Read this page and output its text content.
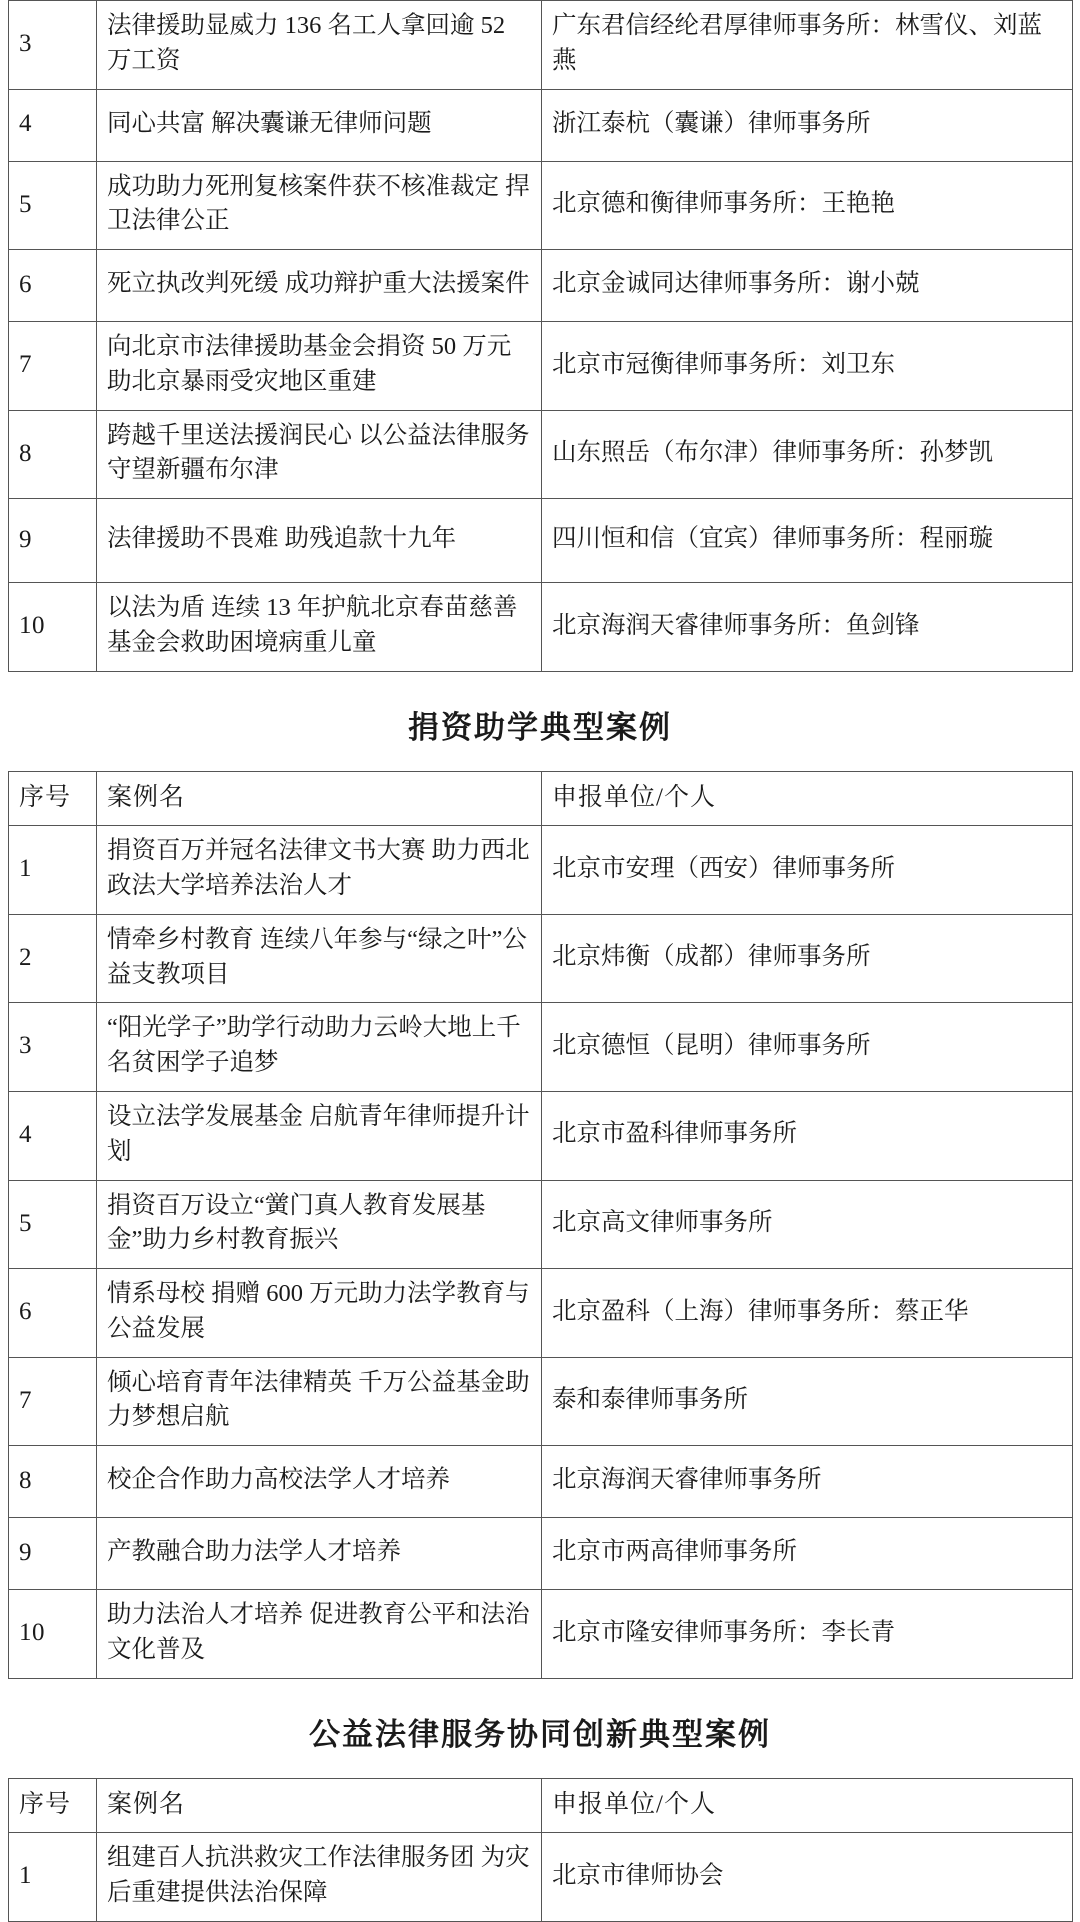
3	法律援助显威力 136 名工人拿回逾 52 万工资	广东君信经纶君厚律师事务所：林雪仪、刘蓝燕
4	同心共富 解决囊谦无律师问题	浙江泰杭（囊谦）律师事务所
5	成功助力死刑复核案件获不核准裁定 捍卫法律公正	北京德和衡律师事务所：王艳艳
6	死立执改判死缓 成功辩护重大法援案件	北京金诚同达律师事务所：谢小兢
7	向北京市法律援助基金会捐资 50 万元助北京暴雨受灾地区重建	北京市冠衡律师事务所：刘卫东
8	跨越千里送法援润民心 以公益法律服务守望新疆布尔津	山东照岳（布尔津）律师事务所：孙梦凯
9	法律援助不畏难 助残追款十九年	四川恒和信（宜宾）律师事务所：程丽璇
10	以法为盾 连续 13 年护航北京春苗慈善基金会救助困境病重儿童	北京海润天睿律师事务所：鱼剑锋
捐资助学典型案例
序号	案例名	申报单位/个人
1	捐资百万并冠名法律文书大赛 助力西北政法大学培养法治人才	北京市安理（西安）律师事务所
2	情牵乡村教育 连续八年参与“绿之叶”公益支教项目	北京炜衡（成都）律师事务所
3	“阳光学子”助学行动助力云岭大地上千名贫困学子追梦	北京德恒（昆明）律师事务所
4	设立法学发展基金 启航青年律师提升计划	北京市盈科律师事务所
5	捐资百万设立“黉门真人教育发展基金”助力乡村教育振兴	北京高文律师事务所
6	情系母校 捐赠 600 万元助力法学教育与公益发展	北京盈科（上海）律师事务所：蔡正华
7	倾心培育青年法律精英 千万公益基金助力梦想启航	泰和泰律师事务所
8	校企合作助力高校法学人才培养	北京海润天睿律师事务所
9	产教融合助力法学人才培养	北京市两高律师事务所
10	助力法治人才培养 促进教育公平和法治文化普及	北京市隆安律师事务所：李长青
公益法律服务协同创新典型案例
序号	案例名	申报单位/个人
1	组建百人抗洪救灾工作法律服务团 为灾后重建提供法治保障	北京市律师协会
